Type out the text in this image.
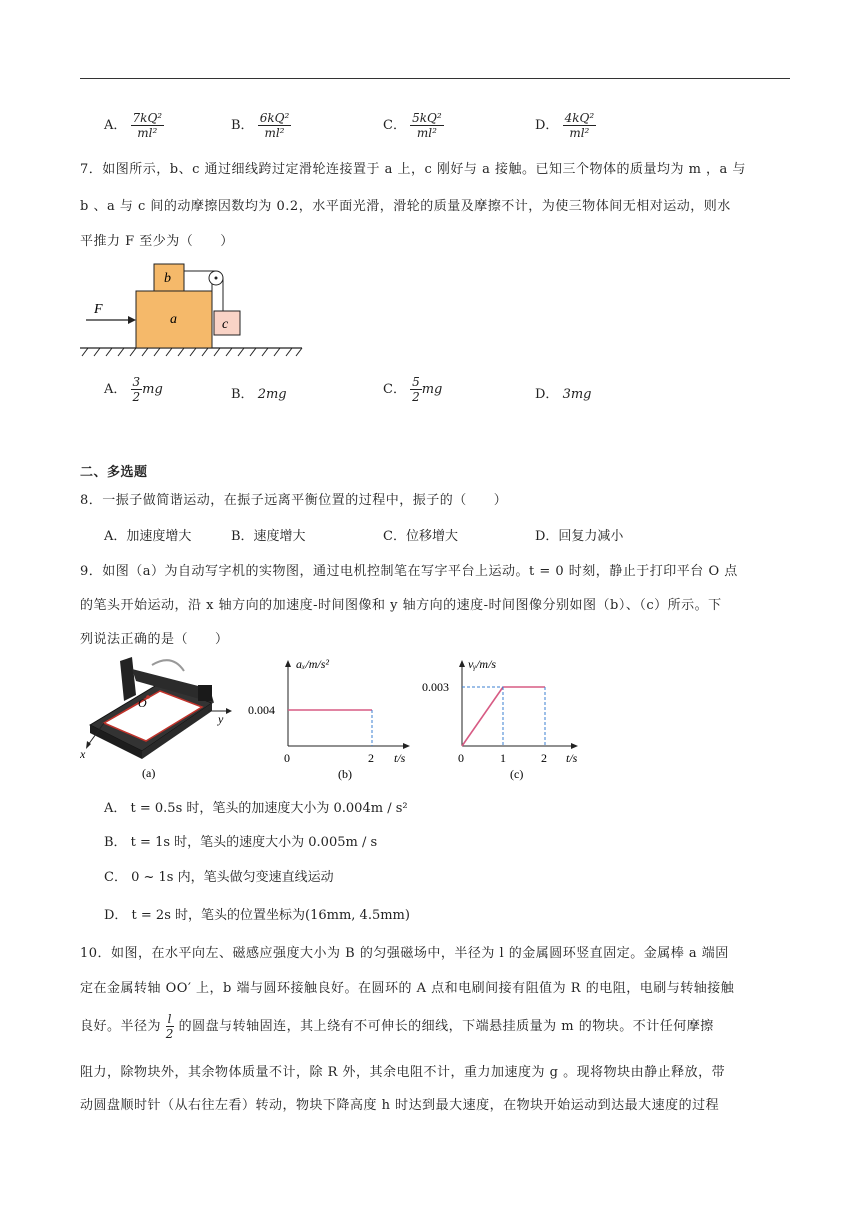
A． $\frac{\text{7kQ²}}{\text{ml²}}$	B． $\frac{\text{6kQ²}}{\text{ml²}}$	C． $\frac{\text{5kQ²}}{\text{ml²}}$	D． $\frac{\text{4kQ²}}{\text{ml²}}$
7．如图所示，b、c 通过细线跨过定滑轮连接置于 a 上，c 刚好与 a 接触。已知三个物体的质量均为 m ，a 与
b 、a 与 c 间的动摩擦因数均为 0.2，水平面光滑，滑轮的质量及摩擦不计，为使三物体间无相对运动，则水
平推力 F 至少为（　　）
F
a
b
c
A． $\frac{3}{2}$ mg	B． 2mg	C． $\frac{5}{2}$ mg	D． 3mg
二、多选题
8．一振子做简谐运动，在振子远离平衡位置的过程中，振子的（　　）
A．加速度增大	B．速度增大	C．位移增大	D．回复力减小
9．如图（a）为自动写字机的实物图，通过电机控制笔在写字平台上运动。t = 0 时刻，静止于打印平台 O 点
的笔头开始运动，沿 x 轴方向的加速度-时间图像和 y 轴方向的速度-时间图像分别如图（b）、（c）所示。下
列说法正确的是（　　）
O
x
y
(a)
aₓ/m/s²
0.004
0	2 t/s
(b)
vᵧ/m/s
0.003
0	1	2 t/s
(c)
A． t = 0.5s 时，笔头的加速度大小为 0.004m / s²
B． t = 1s 时，笔头的速度大小为 0.005m / s
C． 0 ~ 1s 内，笔头做匀变速直线运动
D． t = 2s 时，笔头的位置坐标为(16mm, 4.5mm)
10．如图，在水平向左、磁感应强度大小为 B 的匀强磁场中，半径为 l 的金属圆环竖直固定。金属棒 a 端固
定在金属转轴 OO′ 上，b 端与圆环接触良好。在圆环的 A 点和电刷间接有阻值为 R 的电阻，电刷与转轴接触
良好。半径为 $\frac{l}{2}$ 的圆盘与转轴固连，其上绕有不可伸长的细线，下端悬挂质量为 m 的物块。不计任何摩擦
阻力，除物块外，其余物体质量不计，除 R 外，其余电阻不计，重力加速度为 g 。现将物块由静止释放，带
动圆盘顺时针（从右往左看）转动，物块下降高度 h 时达到最大速度，在物块开始运动到达最大速度的过程
